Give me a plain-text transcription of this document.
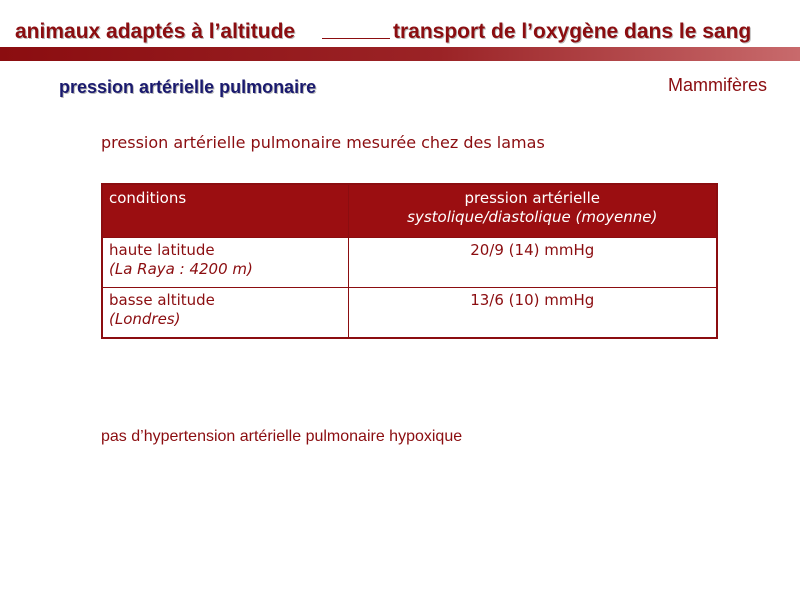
animaux adaptés à l’altitude	transport de l’oxygène dans le sang
pression artérielle pulmonaire	Mammifères
pression artérielle pulmonaire mesurée chez des lamas
conditions	pression artérielle
systolique/diastolique (moyenne)

haute latitude
(La Raya : 4200 m)	20/9 (14) mmHg

basse altitude
(Londres)	13/6 (10) mmHg
pas d’hypertension artérielle pulmonaire hypoxique
